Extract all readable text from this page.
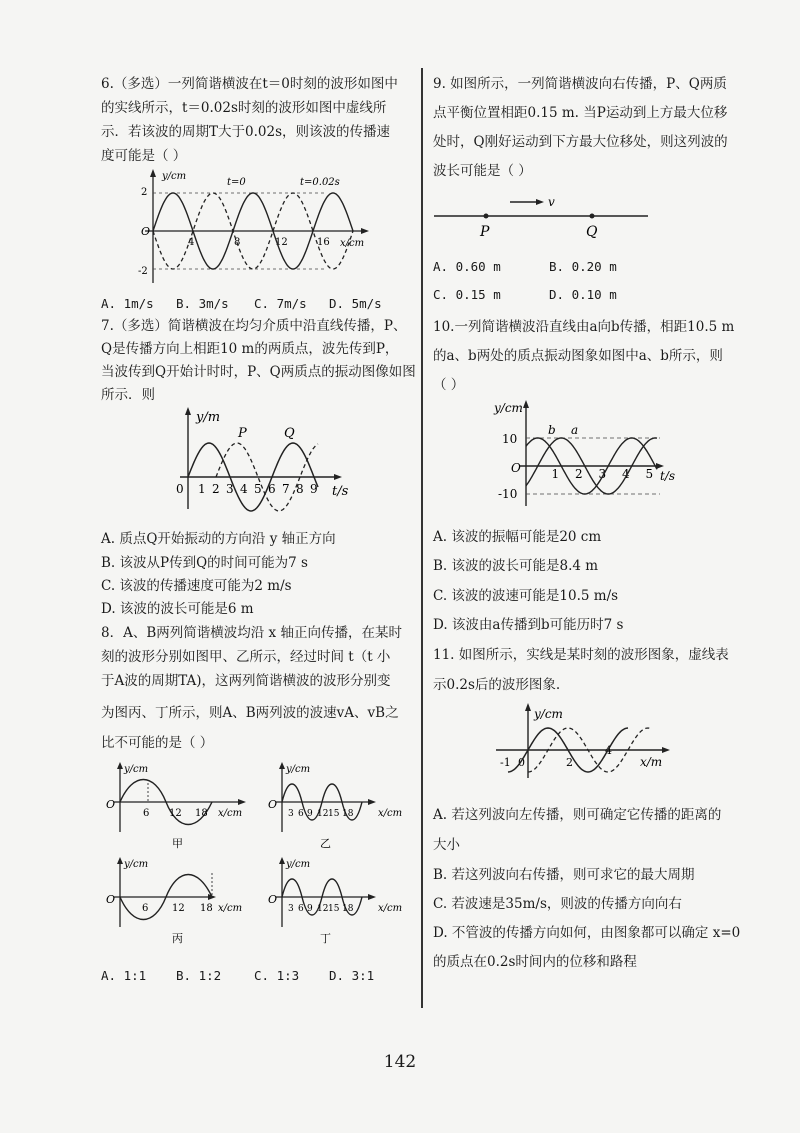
6.（多选）一列简谐横波在t＝0时刻的波形如图中
的实线所示，t＝0.02s时刻的波形如图中虚线所
示．若该波的周期T大于0.02s，则该波的传播速
度可能是（ ）
y/cm
x/cm
O
2
-2
4	8	12	16
t=0	t=0.02s
A. 1m/s B. 3m/s C. 7m/s D. 5m/s
7.（多选）简谐横波在均匀介质中沿直线传播，P、
Q是传播方向上相距10 m的两质点，波先传到P，
当波传到Q开始计时时，P、Q两质点的振动图像如图
所示．则
y/m
t/s
0 1 2 3 4 5 6 7 8 9
P	Q
A. 质点Q开始振动的方向沿 y 轴正方向
B. 该波从P传到Q的时间可能为7 s
C. 该波的传播速度可能为2 m/s
D. 该波的波长可能是6 m
8．A、B两列简谐横波均沿 x 轴正向传播，在某时
刻的波形分别如图甲、乙所示，经过时间 t（t 小
于A波的周期TA)，这两列简谐横波的波形分别变
为图丙、丁所示，则A、B两列波的波速vA、vB之
比不可能的是（ ）
y/cm
x/cm
O
6 12 18
甲
y/cm
x/cm
O
3 6 9 12 15 18
乙
y/cm
x/cm
O
6 12 18
丙
y/cm
x/cm
O
3 6 9 12 15 18
丁
A. 1:1 B. 1:2	C. 1:3 D. 3:1
9. 如图所示，一列简谐横波向右传播，P、Q两质
点平衡位置相距0.15 m. 当P运动到上方最大位移
处时，Q刚好运动到下方最大位移处，则这列波的
波长可能是（ ）
v
P	Q
A. 0.60 m	B. 0.20 m
C. 0.15 m	D. 0.10 m
10.一列简谐横波沿直线由a向b传播，相距10.5 m
的a、b两处的质点振动图象如图中a、b所示，则
（ ）
y/cm
t/s
O
10
-10
1 2 3 4 5
b a
A. 该波的振幅可能是20 cm
B. 该波的波长可能是8.4 m
C. 该波的波速可能是10.5 m/s
D. 该波由a传播到b可能历时7 s
11. 如图所示，实线是某时刻的波形图象，虚线表
示0.2s后的波形图象.
y/cm
x/m
-1 0	2
4
A. 若这列波向左传播，则可确定它传播的距离的
大小
B. 若这列波向右传播，则可求它的最大周期
C. 若波速是35m/s，则波的传播方向向右
D. 不管波的传播方向如何，由图象都可以确定 x=0
的质点在0.2s时间内的位移和路程
142
